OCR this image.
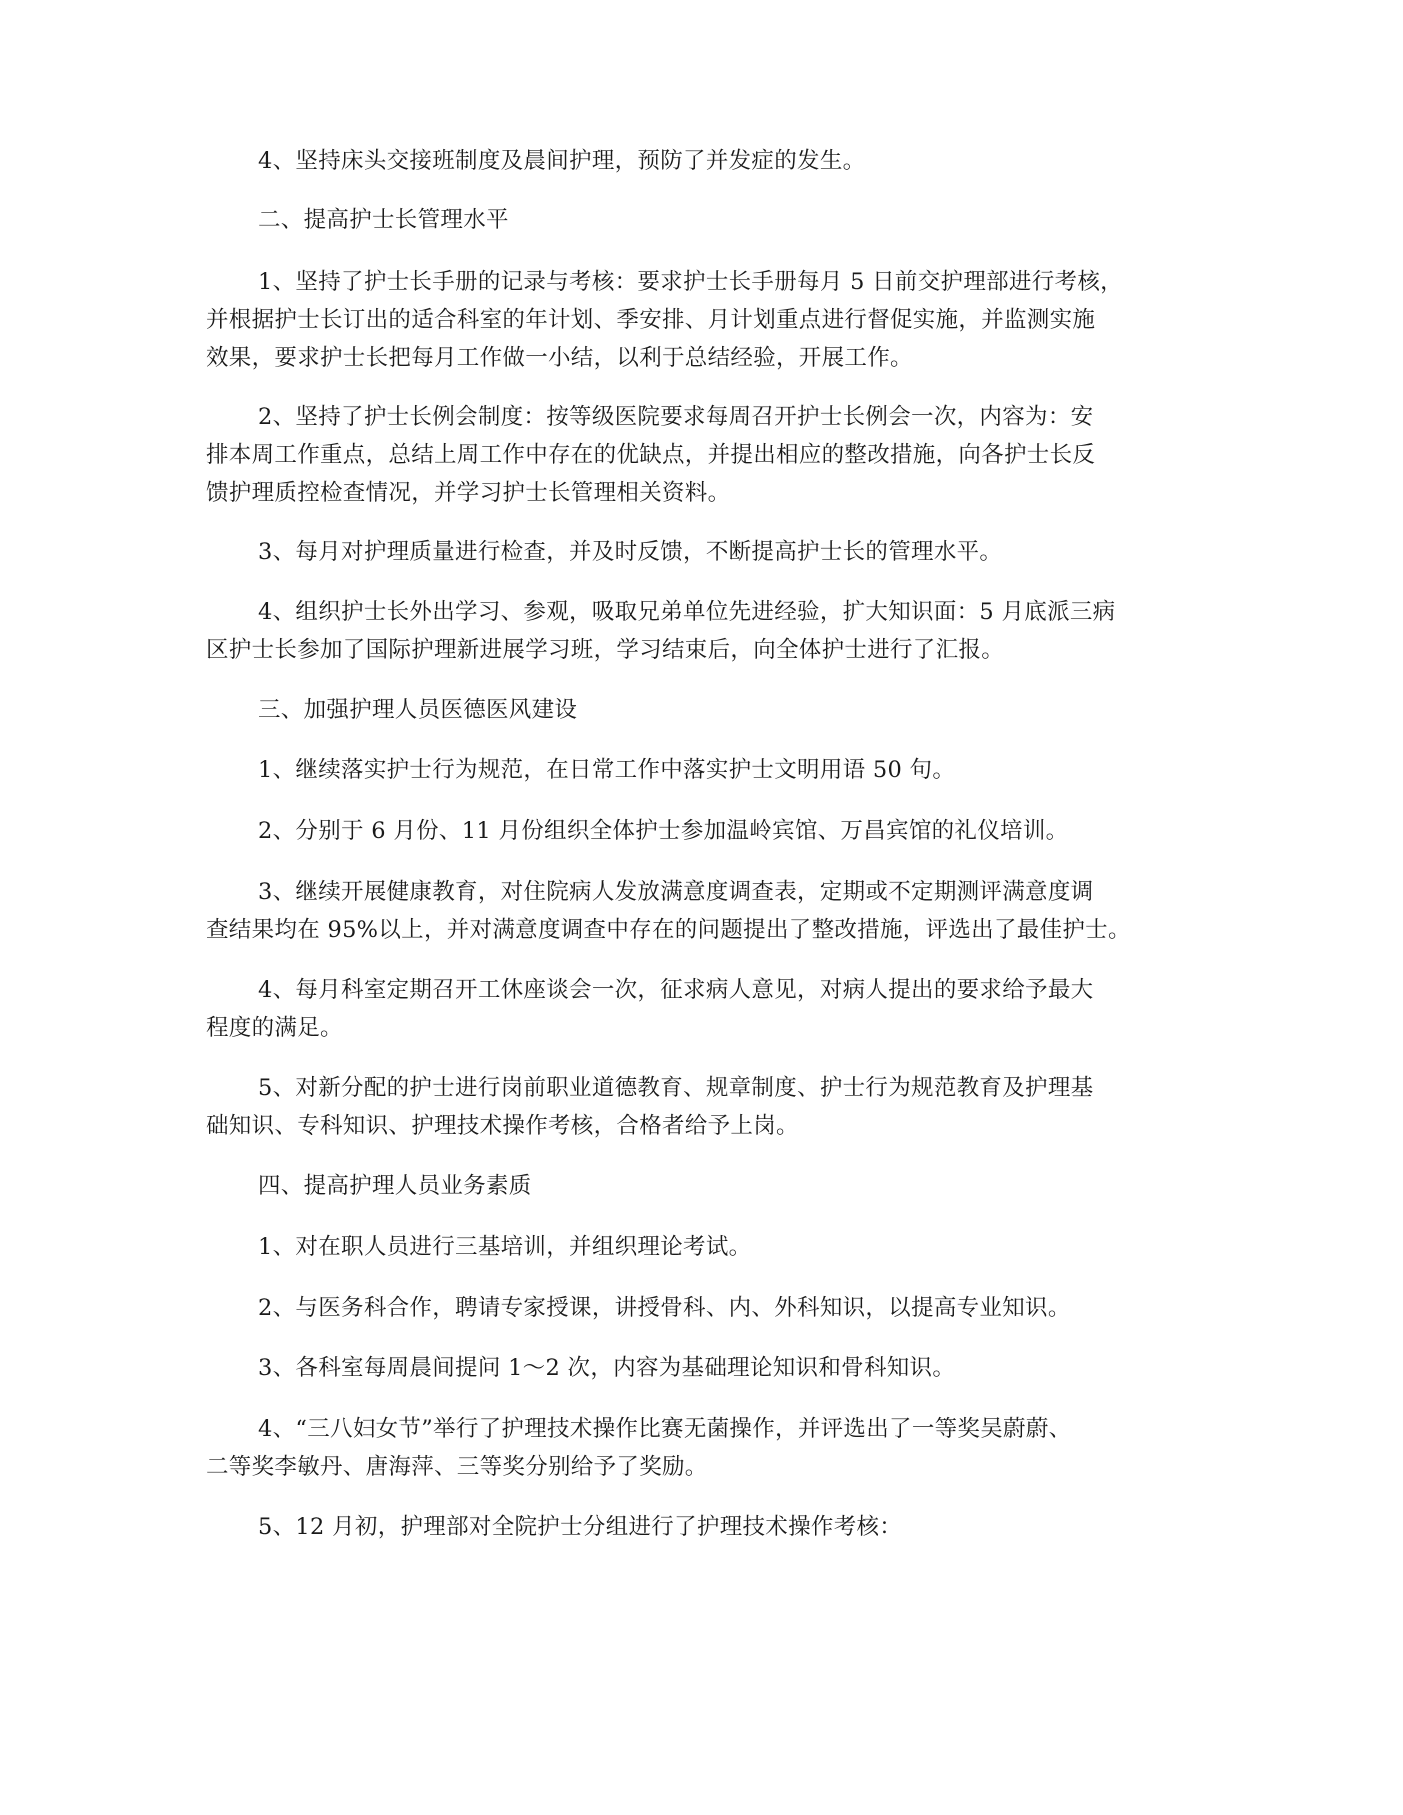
4、坚持床头交接班制度及晨间护理，预防了并发症的发生。

二、提高护士长管理水平

1、坚持了护士长手册的记录与考核：要求护士长手册每月 5 日前交护理部进行考核，
并根据护士长订出的适合科室的年计划、季安排、月计划重点进行督促实施，并监测实施
效果，要求护士长把每月工作做一小结，以利于总结经验，开展工作。

2、坚持了护士长例会制度：按等级医院要求每周召开护士长例会一次，内容为：安
排本周工作重点，总结上周工作中存在的优缺点，并提出相应的整改措施，向各护士长反
馈护理质控检查情况，并学习护士长管理相关资料。

3、每月对护理质量进行检查，并及时反馈，不断提高护士长的管理水平。

4、组织护士长外出学习、参观，吸取兄弟单位先进经验，扩大知识面：5 月底派三病
区护士长参加了国际护理新进展学习班，学习结束后，向全体护士进行了汇报。

三、加强护理人员医德医风建设

1、继续落实护士行为规范，在日常工作中落实护士文明用语 50 句。

2、分别于 6 月份、11 月份组织全体护士参加温岭宾馆、万昌宾馆的礼仪培训。

3、继续开展健康教育，对住院病人发放满意度调查表，定期或不定期测评满意度调
查结果均在 95%以上，并对满意度调查中存在的问题提出了整改措施，评选出了最佳护士。

4、每月科室定期召开工休座谈会一次，征求病人意见，对病人提出的要求给予最大
程度的满足。

5、对新分配的护士进行岗前职业道德教育、规章制度、护士行为规范教育及护理基
础知识、专科知识、护理技术操作考核，合格者给予上岗。

四、提高护理人员业务素质

1、对在职人员进行三基培训，并组织理论考试。

2、与医务科合作，聘请专家授课，讲授骨科、内、外科知识，以提高专业知识。

3、各科室每周晨间提问 1～2 次，内容为基础理论知识和骨科知识。

4、“三八妇女节”举行了护理技术操作比赛无菌操作，并评选出了一等奖吴蔚蔚、
二等奖李敏丹、唐海萍、三等奖分别给予了奖励。

5、12 月初，护理部对全院护士分组进行了护理技术操作考核：
